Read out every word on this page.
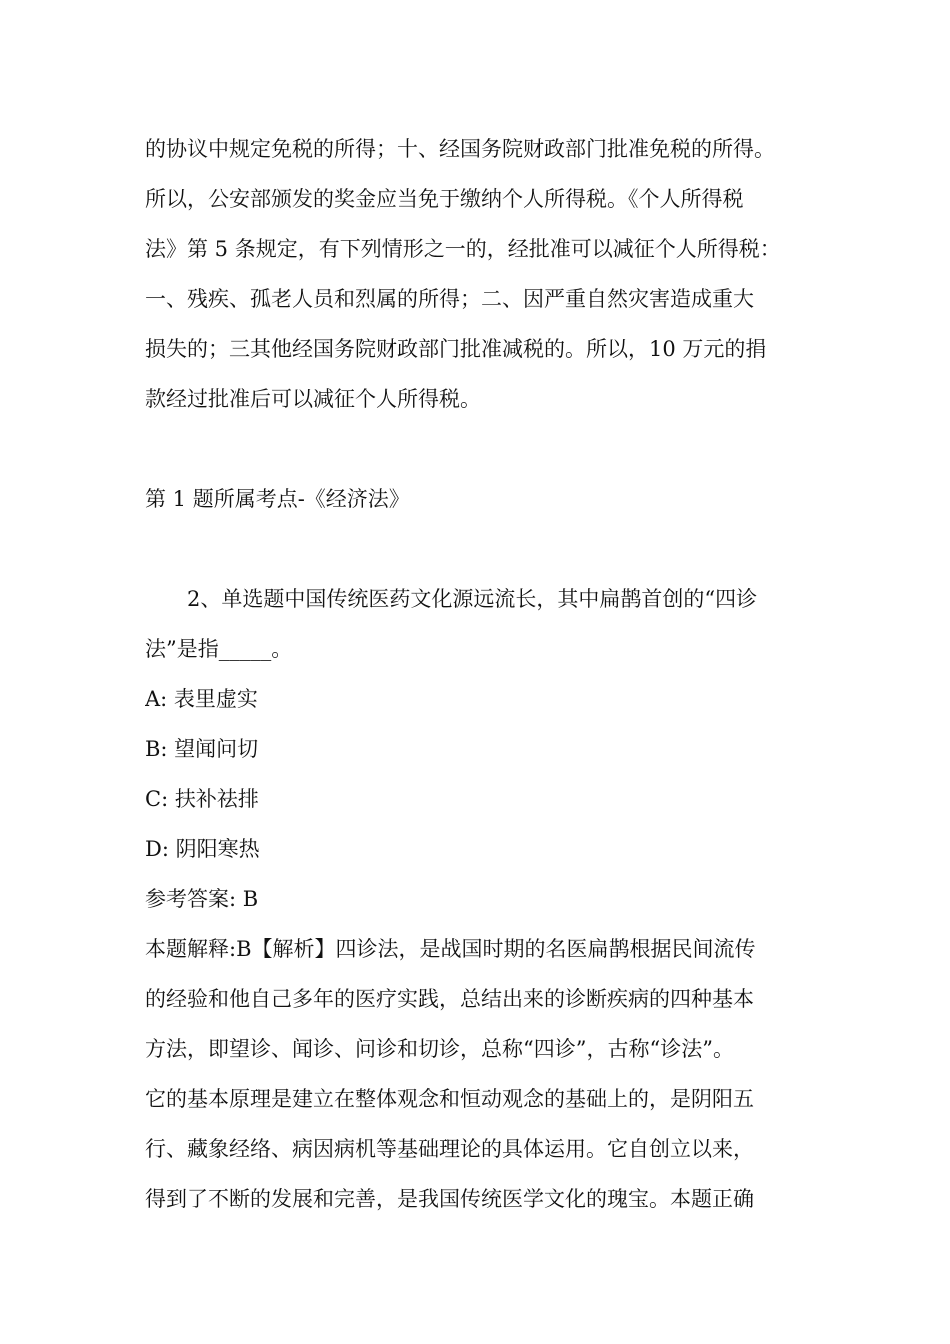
的协议中规定免税的所得；十、经国务院财政部门批准免税的所得。
所以，公安部颁发的奖金应当免于缴纳个人所得税。《个人所得税
法》第 5 条规定，有下列情形之一的，经批准可以减征个人所得税：
一、残疾、孤老人员和烈属的所得；二、因严重自然灾害造成重大
损失的；三其他经国务院财政部门批准减税的。所以，10 万元的捐
款经过批准后可以减征个人所得税。
第 1 题所属考点-《经济法》
2、单选题中国传统医药文化源远流长，其中扁鹊首创的“四诊
法”是指_____。
A: 表里虚实
B: 望闻问切
C: 扶补祛排
D: 阴阳寒热
参考答案: B
本题解释:B【解析】四诊法，是战国时期的名医扁鹊根据民间流传
的经验和他自己多年的医疗实践，总结出来的诊断疾病的四种基本
方法，即望诊、闻诊、问诊和切诊，总称“四诊”，古称“诊法”。
它的基本原理是建立在整体观念和恒动观念的基础上的，是阴阳五
行、藏象经络、病因病机等基础理论的具体运用。它自创立以来，
得到了不断的发展和完善，是我国传统医学文化的瑰宝。本题正确
